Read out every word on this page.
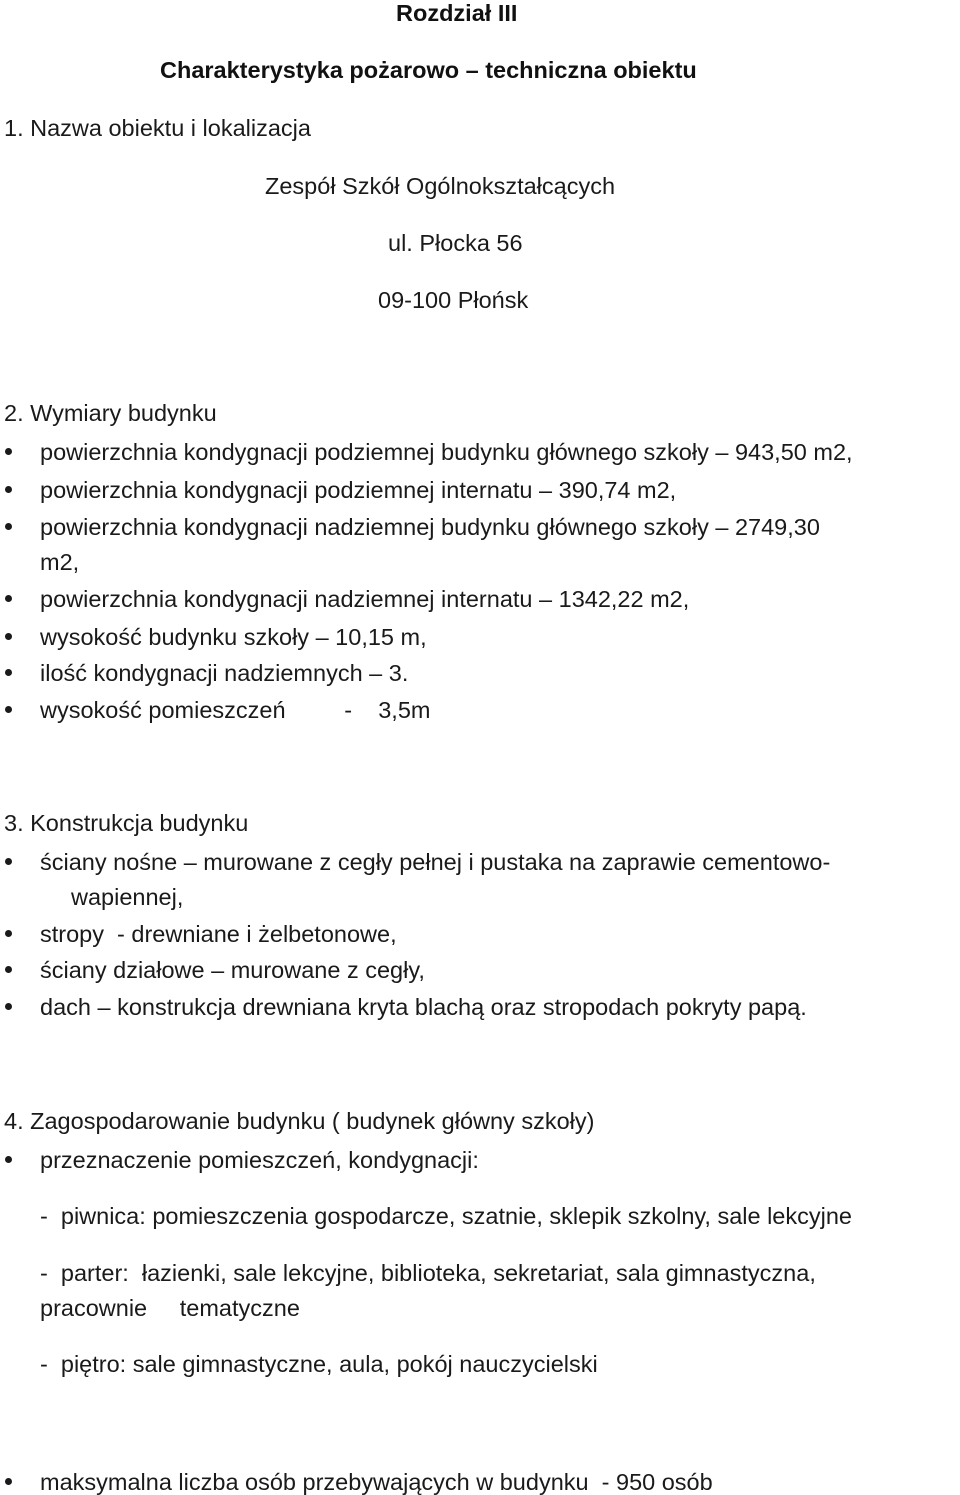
Rozdział III
Charakterystyka pożarowo – techniczna obiektu
1. Nazwa obiektu i lokalizacja
Zespół Szkół Ogólnokształcących
ul. Płocka 56
09-100 Płońsk
2. Wymiary budynku
powierzchnia kondygnacji podziemnej budynku głównego szkoły – 943,50 m2,
powierzchnia kondygnacji podziemnej internatu – 390,74 m2,
powierzchnia kondygnacji nadziemnej budynku głównego szkoły – 2749,30
m2,
powierzchnia kondygnacji nadziemnej internatu – 1342,22 m2,
wysokość budynku szkoły – 10,15 m,
ilość kondygnacji nadziemnych – 3.
wysokość pomieszczeń         -    3,5m
3. Konstrukcja budynku
ściany nośne – murowane z cegły pełnej i pustaka na zaprawie cementowo-
wapiennej,
stropy  - drewniane i żelbetonowe,
ściany działowe – murowane z cegły,
dach – konstrukcja drewniana kryta blachą oraz stropodach pokryty papą.
4. Zagospodarowanie budynku ( budynek główny szkoły)
przeznaczenie pomieszczeń, kondygnacji:
-  piwnica: pomieszczenia gospodarcze, szatnie, sklepik szkolny, sale lekcyjne
-  parter:  łazienki, sale lekcyjne, biblioteka, sekretariat, sala gimnastyczna,
pracownie     tematyczne
-  piętro: sale gimnastyczne, aula, pokój nauczycielski
maksymalna liczba osób przebywających w budynku  - 950 osób
